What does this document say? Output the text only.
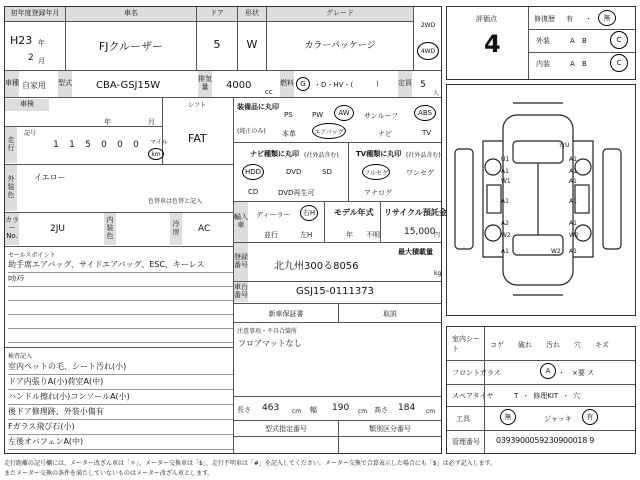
初年度登録年月
H23 年
2 月
車名
FJクルーザー
ドア
5
形状
W
グレード
カラーパッケージ
2WD
4WD
車種 自家用 型式 CBA-GSJ15W
排気量	4000
cc
燃料 G	・D・HV・(	)	定員 5
人
評価点
4
修復歴 有 ・	無
外装	A B	C
内装	A B	C
車検
年	月
シフト
FAT
走行
記号
1	1	5	0	0	0	マイル
km
外装色
イエロー
色替車は色替と記入
カラーNo.
2JU
内装色
冷房 AC
セールスポイント
助手席エアバッグ、サイドエアバッグ、ESC、キーレス
ﾛｶﾒﾗ
検査記入
室内ペットの毛、シート汚れ(小)
ドア内張りA(小)荷室A(中)
ハンドル擦れ(小)コンソールA(小)
後ドア修理跡、外装小傷有
Fガラス飛び石(小)
左後オバフェンA(中)
装備品に丸印
(純正のみ)
PS	PW	AW	サンルーフ	ABS
本革	エアバッグ	ナビ	TV
ナビ種類に丸印 (社外品含む)
HDD	DVD	SD
CD	DVD再生可
TV種類に丸印 (社外品含む)
フルセグ	ワンセグ
アナログ
輸入車
ディーラー	右H
並行	左H
モデル年式
年 不明
リサイクル預託金
15,000
円
登録番号	北九州300る8056
最大積載量
kg
車台番号	GSJ15-0111373
新車保証書	取説
注意事項・不具合箇所
フロアマットなし
長さ 463 cm 幅 190 cm 高さ 184 cm
型式指定番号	類別区分番号
右U
U1
A1
A1
A1
W1
A1
A2
W2
A1
A1
A1
A1
W2
A1
W2
室内シート	コゲ 破れ 汚れ 穴 キズ
フロントガラス	A	・ ×要 ス
スペアタイヤ	T ・ 修理KIT ・ 穴
工具	無	ジャッキ	有
管理番号 0393900059230900018 9
走行距離の記号欄には、メーター改ざん車は「＊」、メーター交換車は「$」、走行不明車は「#」を記入してください。メーター交換で合算表示した場合にも「$」は必ず記入します。
またメーター交換の条件を満たしていないものはメーター改ざん車とします。
